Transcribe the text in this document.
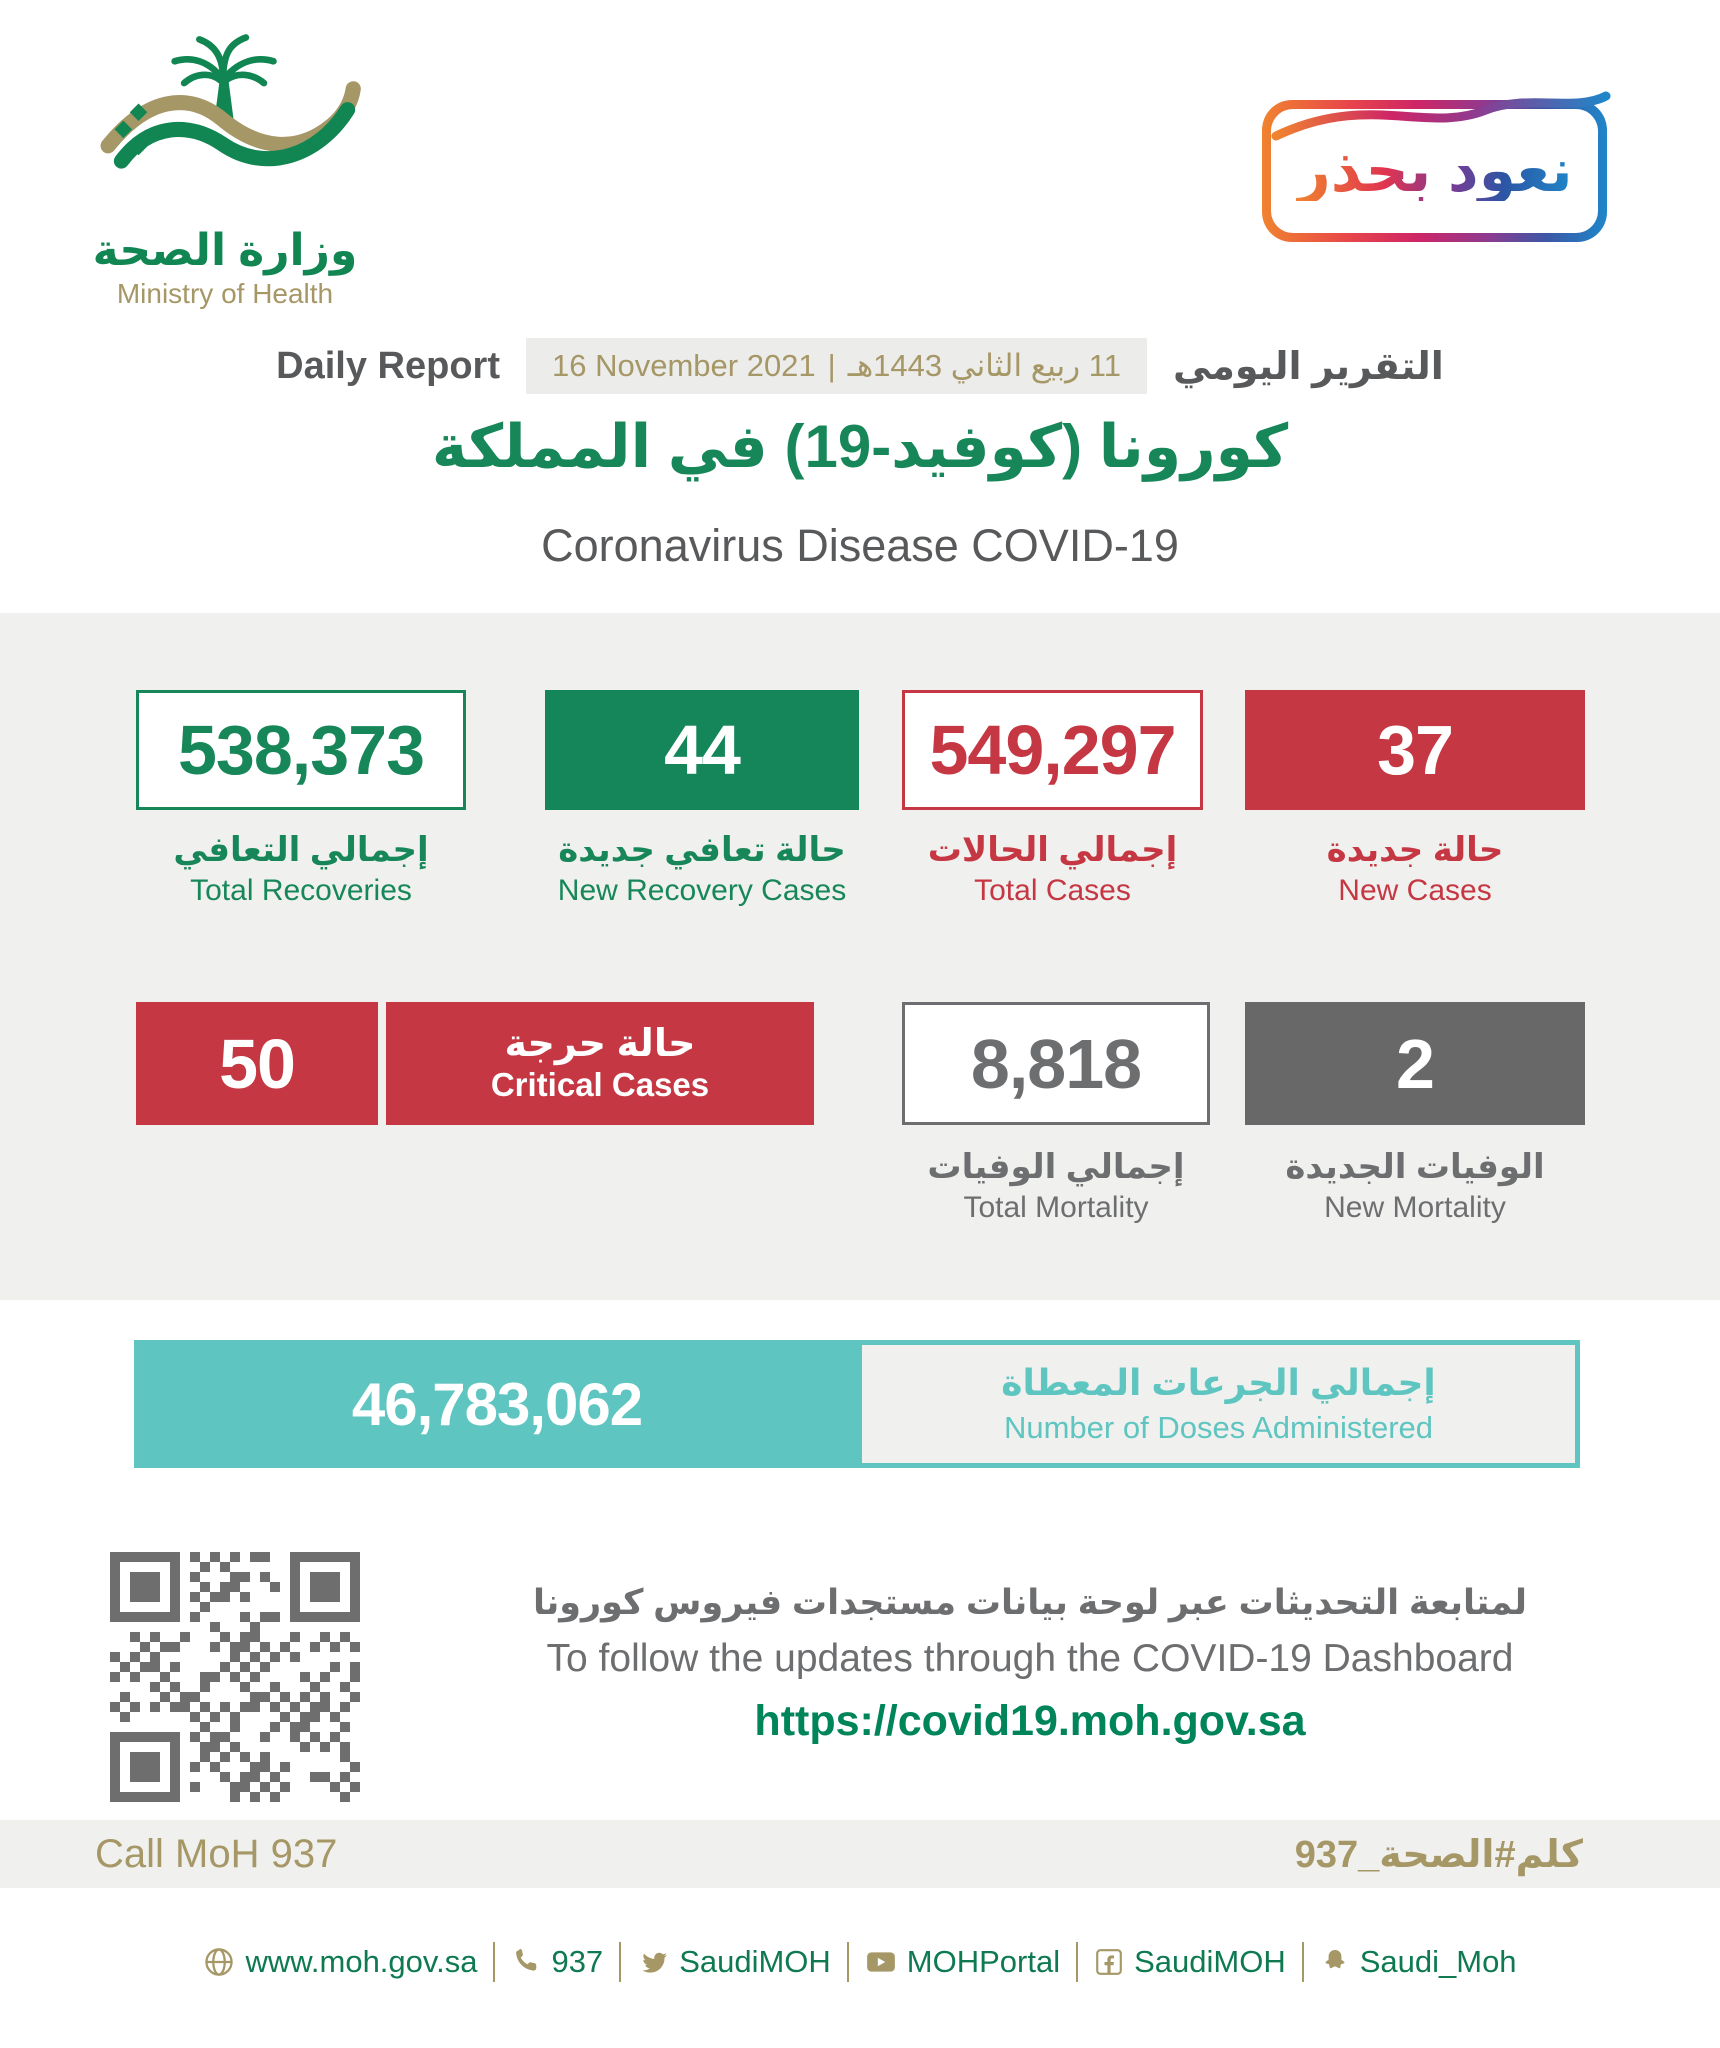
وزارة الصحة
Ministry of Health
نعود بحذر
Daily Report 16 November 2021 | 11 ربيع الثاني 1443هـ التقرير اليومي
كورونا (كوفيد-19) في المملكة
Coronavirus Disease COVID-19
538,373
إجمالي التعافي
Total Recoveries
44
حالة تعافي جديدة
New Recovery Cases
549,297
إجمالي الحالات
Total Cases
37
حالة جديدة
New Cases
50	حالة حرجة
Critical Cases	8,818
إجمالي الوفيات
Total Mortality
2
الوفيات الجديدة
New Mortality
46,783,062	إجمالي الجرعات المعطاة
Number of Doses Administered
لمتابعة التحديثات عبر لوحة بيانات مستجدات فيروس كورونا
To follow the updates through the COVID-19 Dashboard
https://covid19.moh.gov.sa
Call MoH 937	كلم#الصحة_937
www.moh.gov.sa 937 SaudiMOH MOHPortal SaudiMOH Saudi_Moh
